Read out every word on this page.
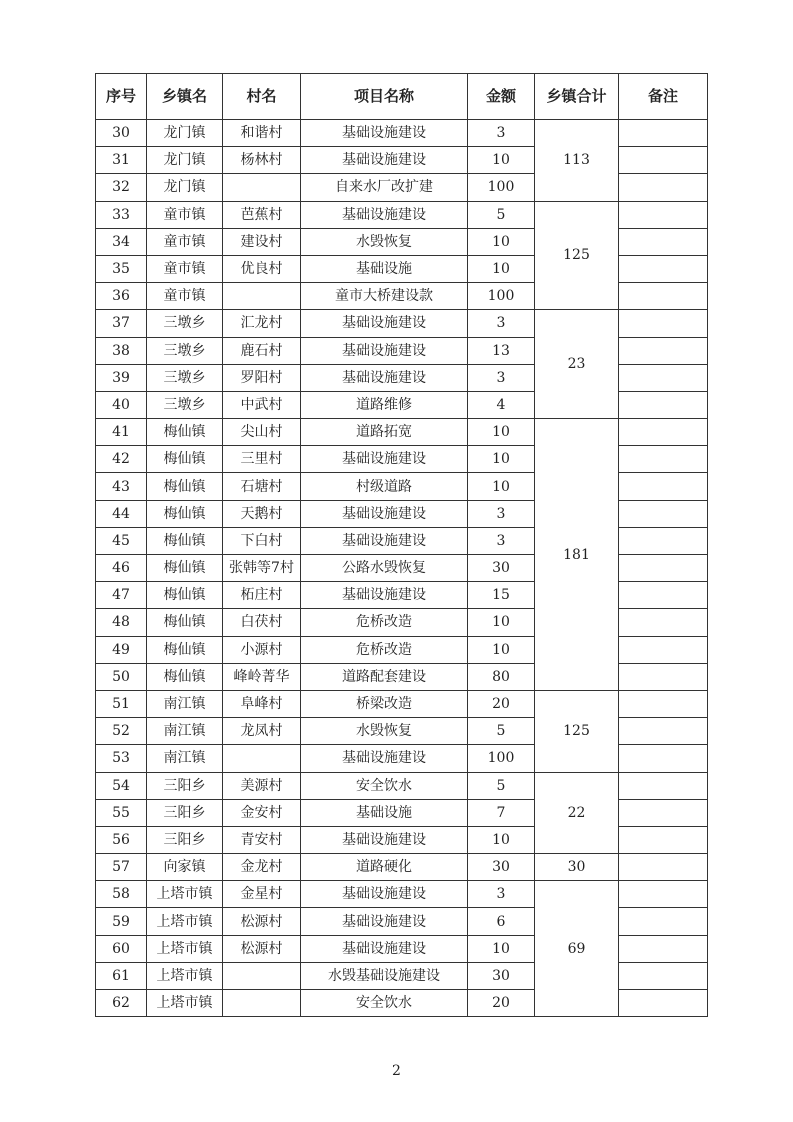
序号	乡镇名	村名	项目名称	金额	乡镇合计	备注
30	龙门镇	和谐村	基础设施建设	3	113	
31	龙门镇	杨林村	基础设施建设	10		
32	龙门镇		自来水厂改扩建	100		
33	童市镇	芭蕉村	基础设施建设	5	125	
34	童市镇	建设村	水毁恢复	10		
35	童市镇	优良村	基础设施	10		
36	童市镇		童市大桥建设款	100		
37	三墩乡	汇龙村	基础设施建设	3	23	
38	三墩乡	鹿石村	基础设施建设	13		
39	三墩乡	罗阳村	基础设施建设	3		
40	三墩乡	中武村	道路维修	4		
41	梅仙镇	尖山村	道路拓宽	10	181	
42	梅仙镇	三里村	基础设施建设	10		
43	梅仙镇	石塘村	村级道路	10		
44	梅仙镇	天鹅村	基础设施建设	3		
45	梅仙镇	下白村	基础设施建设	3		
46	梅仙镇	张韩等7村	公路水毁恢复	30		
47	梅仙镇	柘庄村	基础设施建设	15		
48	梅仙镇	白茯村	危桥改造	10		
49	梅仙镇	小源村	危桥改造	10		
50	梅仙镇	峰岭菁华	道路配套建设	80		
51	南江镇	阜峰村	桥梁改造	20	125	
52	南江镇	龙凤村	水毁恢复	5		
53	南江镇		基础设施建设	100		
54	三阳乡	美源村	安全饮水	5	22	
55	三阳乡	金安村	基础设施	7		
56	三阳乡	青安村	基础设施建设	10		
57	向家镇	金龙村	道路硬化	30	30	
58	上塔市镇	金星村	基础设施建设	3	69	
59	上塔市镇	松源村	基础设施建设	6		
60	上塔市镇	松源村	基础设施建设	10		
61	上塔市镇		水毁基础设施建设	30		
62	上塔市镇		安全饮水	20		
2
